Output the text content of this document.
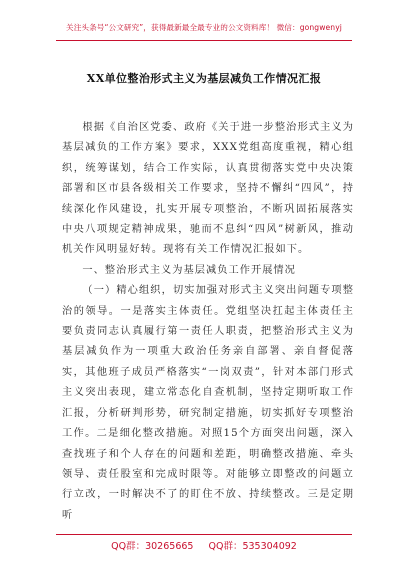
关注头条号“公文研究”，获得最新最全最专业的公文资料库！ 微信：gongwenyj
XX单位整治形式主义为基层减负工作情况汇报

根据《自治区党委、政府《关于进一步整治形式主义为基层减负的工作方案》要求，XXX党组高度重视，精心组织，统筹谋划，结合工作实际，认真贯彻落实党中央决策部署和区市县各级相关工作要求，坚持不懈纠“四风”，持续深化作风建设，扎实开展专项整治，不断巩固拓展落实中央八项规定精神成果，驰而不息纠“四风”树新风，推动机关作风明显好转。现将有关工作情况汇报如下。

一、整治形式主义为基层减负工作开展情况

（一）精心组织，切实加强对形式主义突出问题专项整治的领导。一是落实主体责任。党组坚决扛起主体责任主要负责同志认真履行第一责任人职责，把整治形式主义为基层减负作为一项重大政治任务亲自部署、亲自督促落实，其他班子成员严格落实“一岗双责”，针对本部门形式主义突出表现，建立常态化自查机制，坚持定期听取工作汇报，分析研判形势，研究制定措施，切实抓好专项整治工作。二是细化整改措施。对照15个方面突出问题，深入查找班子和个人存在的问题和差距，明确整改措施、牵头领导、责任股室和完成时限等。对能够立即整改的问题立行立改，一时解决不了的盯住不放、持续整改。三是定期听

QQ群：30265665 QQ群：535304092
